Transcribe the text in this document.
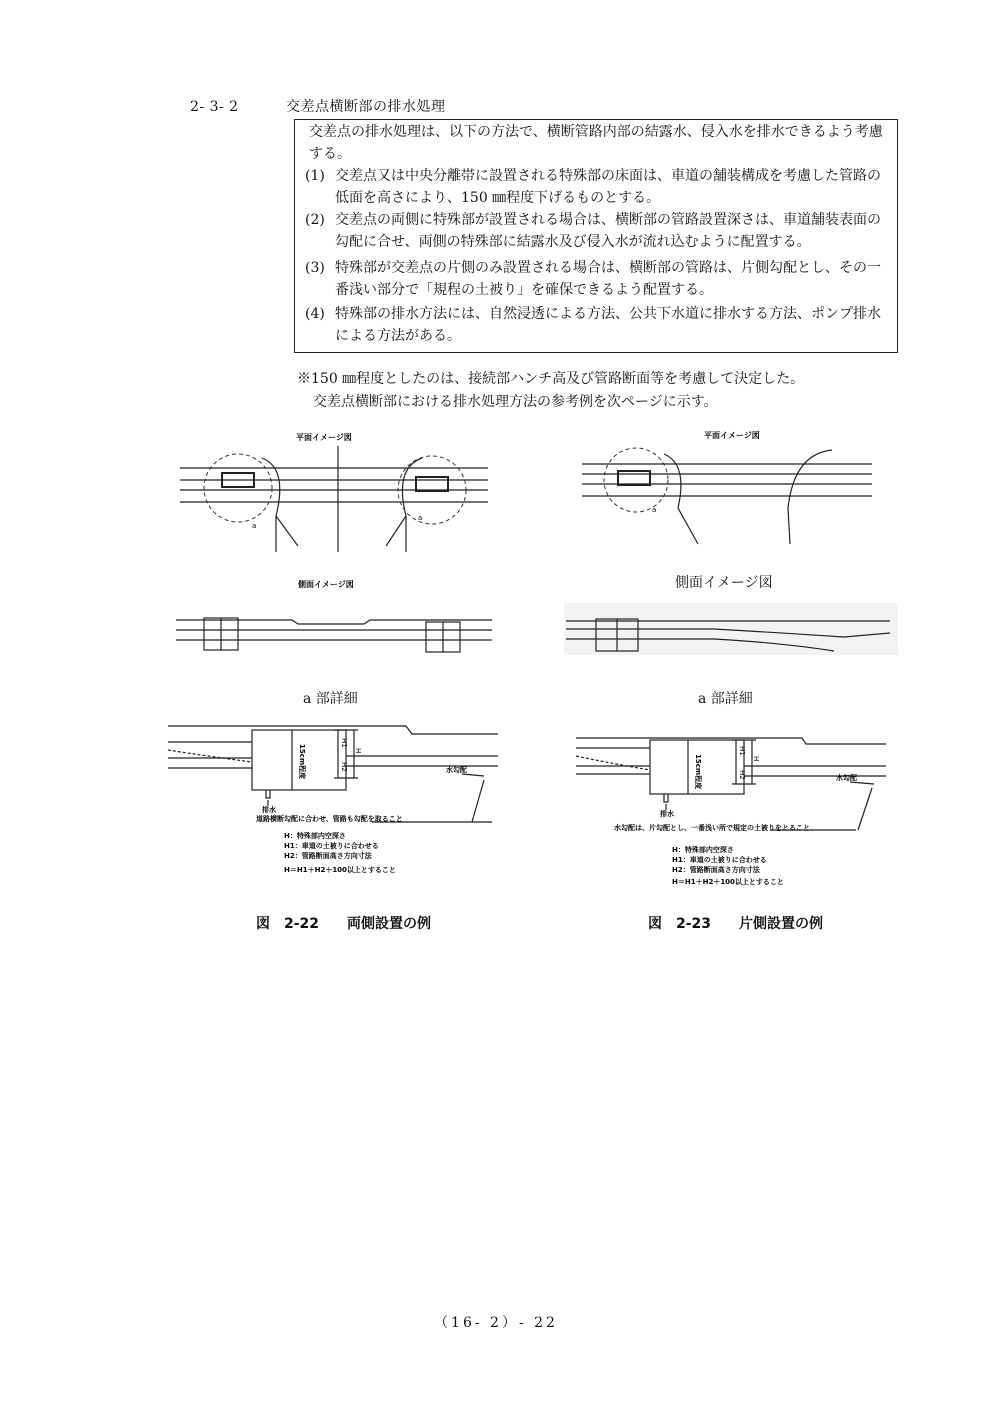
2- 3- 2	交差点横断部の排水処理

交差点の排水処理は、以下の方法で、横断管路内部の結露水、侵入水を排水できるよう考慮する。

(1) 交差点又は中央分離帯に設置される特殊部の床面は、車道の舗装構成を考慮した管路の低面を高さにより、150 ㎜程度下げるものとする。

(2) 交差点の両側に特殊部が設置される場合は、横断部の管路設置深さは、車道舗装表面の勾配に合せ、両側の特殊部に結露水及び侵入水が流れ込むように配置する。

(3) 特殊部が交差点の片側のみ設置される場合は、横断部の管路は、片側勾配とし、その一番浅い部分で「規程の土被り」を確保できるよう配置する。

(4) 特殊部の排水方法には、自然浸透による方法、公共下水道に排水する方法、ポンプ排水による方法がある。

※150 ㎜程度としたのは、接続部ハンチ高及び管路断面等を考慮して決定した。
交差点横断部における排水処理方法の参考例を次ページに示す。
平面イメージ図
a
a
側面イメージ図
a 部詳細
15cm程度
H1
H2
H
水勾配
排水
道路横断勾配に合わせ、管路も勾配を取ること
H：特殊部内空深さ
H1：車道の土被りに合わせる
H2：管路断面高さ方向寸法
H＝H1＋H2＋100以上とすること
図　2-22　　両側設置の例
平面イメージ図
a
側面イメージ図
a 部詳細
15cm程度
H1
H2
H
水勾配
排水
水勾配は、片勾配とし、一番浅い所で規定の土被りをとること
H：特殊部内空深さ
H1：車道の土被りに合わせる
H2：管路断面高さ方向寸法
H＝H1＋H2＋100以上とすること
図　2-23　　片側設置の例
（16- 2）- 22
